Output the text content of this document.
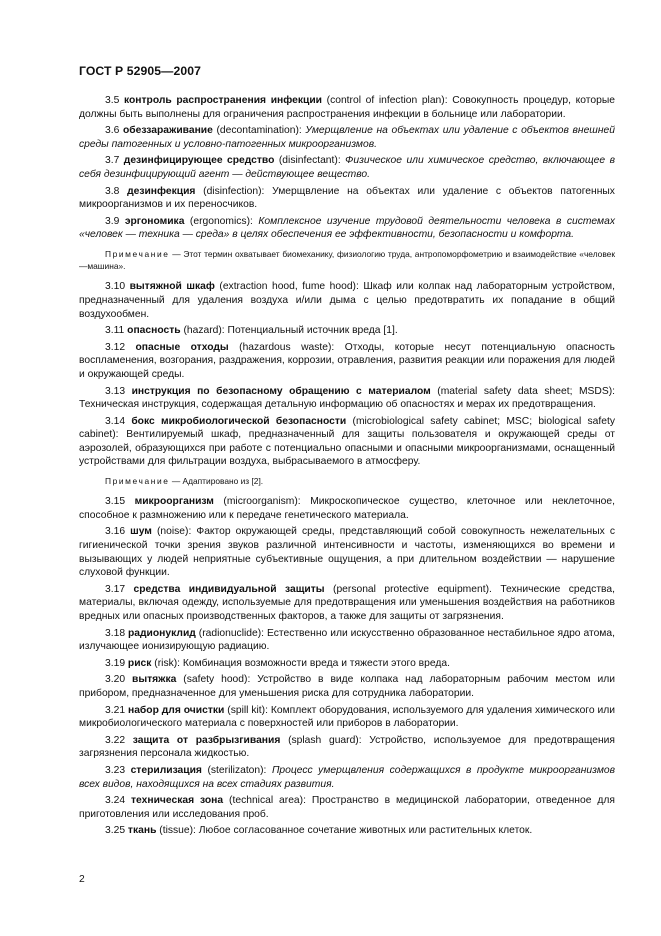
ГОСТ Р 52905—2007

3.5 контроль распространения инфекции (control of infection plan): Совокупность процедур, которые должны быть выполнены для ограничения распространения инфекции в больнице или лаборатории.

3.6 обеззараживание (decontamination): Умерщвление на объектах или удаление с объектов внешней среды патогенных и условно-патогенных микроорганизмов.

3.7 дезинфицирующее средство (disinfectant): Физическое или химическое средство, включающее в себя дезинфицирующий агент — действующее вещество.

3.8 дезинфекция (disinfection): Умерщвление на объектах или удаление с объектов патогенных микроорганизмов и их переносчиков.

3.9 эргономика (ergonomics): Комплексное изучение трудовой деятельности человека в системах «человек — техника — среда» в целях обеспечения ее эффективности, безопасности и комфорта.

Примечание — Этот термин охватывает биомеханику, физиологию труда, антропоморфометрию и взаимодействие «человек—машина».

3.10 вытяжной шкаф (extraction hood, fume hood): Шкаф или колпак над лабораторным устройством, предназначенный для удаления воздуха и/или дыма с целью предотвратить их попадание в общий воздухообмен.

3.11 опасность (hazard): Потенциальный источник вреда [1].

3.12 опасные отходы (hazardous waste): Отходы, которые несут потенциальную опасность воспламенения, возгорания, раздражения, коррозии, отравления, развития реакции или поражения для людей и окружающей среды.

3.13 инструкция по безопасному обращению с материалом (material safety data sheet; MSDS): Техническая инструкция, содержащая детальную информацию об опасностях и мерах их предотвращения.

3.14 бокс микробиологической безопасности (microbiological safety cabinet; MSC; biological safety cabinet): Вентилируемый шкаф, предназначенный для защиты пользователя и окружающей среды от аэрозолей, образующихся при работе с потенциально опасными и опасными микроорганизмами, оснащенный устройствами для фильтрации воздуха, выбрасываемого в атмосферу.

Примечание — Адаптировано из [2].

3.15 микроорганизм (microorganism): Микроскопическое существо, клеточное или неклеточное, способное к размножению или к передаче генетического материала.

3.16 шум (noise): Фактор окружающей среды, представляющий собой совокупность нежелательных с гигиенической точки зрения звуков различной интенсивности и частоты, изменяющихся во времени и вызывающих у людей неприятные субъективные ощущения, а при длительном воздействии — нарушение слуховой функции.

3.17 средства индивидуальной защиты (personal protective equipment). Технические средства, материалы, включая одежду, используемые для предотвращения или уменьшения воздействия на работников вредных или опасных производственных факторов, а также для защиты от загрязнения.

3.18 радионуклид (radionuclide): Естественно или искусственно образованное нестабильное ядро атома, излучающее ионизирующую радиацию.

3.19 риск (risk): Комбинация возможности вреда и тяжести этого вреда.

3.20 вытяжка (safety hood): Устройство в виде колпака над лабораторным рабочим местом или прибором, предназначенное для уменьшения риска для сотрудника лаборатории.

3.21 набор для очистки (spill kit): Комплект оборудования, используемого для удаления химического или микробиологического материала с поверхностей или приборов в лаборатории.

3.22 защита от разбрызгивания (splash guard): Устройство, используемое для предотвращения загрязнения персонала жидкостью.

3.23 стерилизация (sterilizaton): Процесс умерщвления содержащихся в продукте микроорганизмов всех видов, находящихся на всех стадиях развития.

3.24 техническая зона (technical area): Пространство в медицинской лаборатории, отведенное для приготовления или исследования проб.

3.25 ткань (tissue): Любое согласованное сочетание животных или растительных клеток.

2
